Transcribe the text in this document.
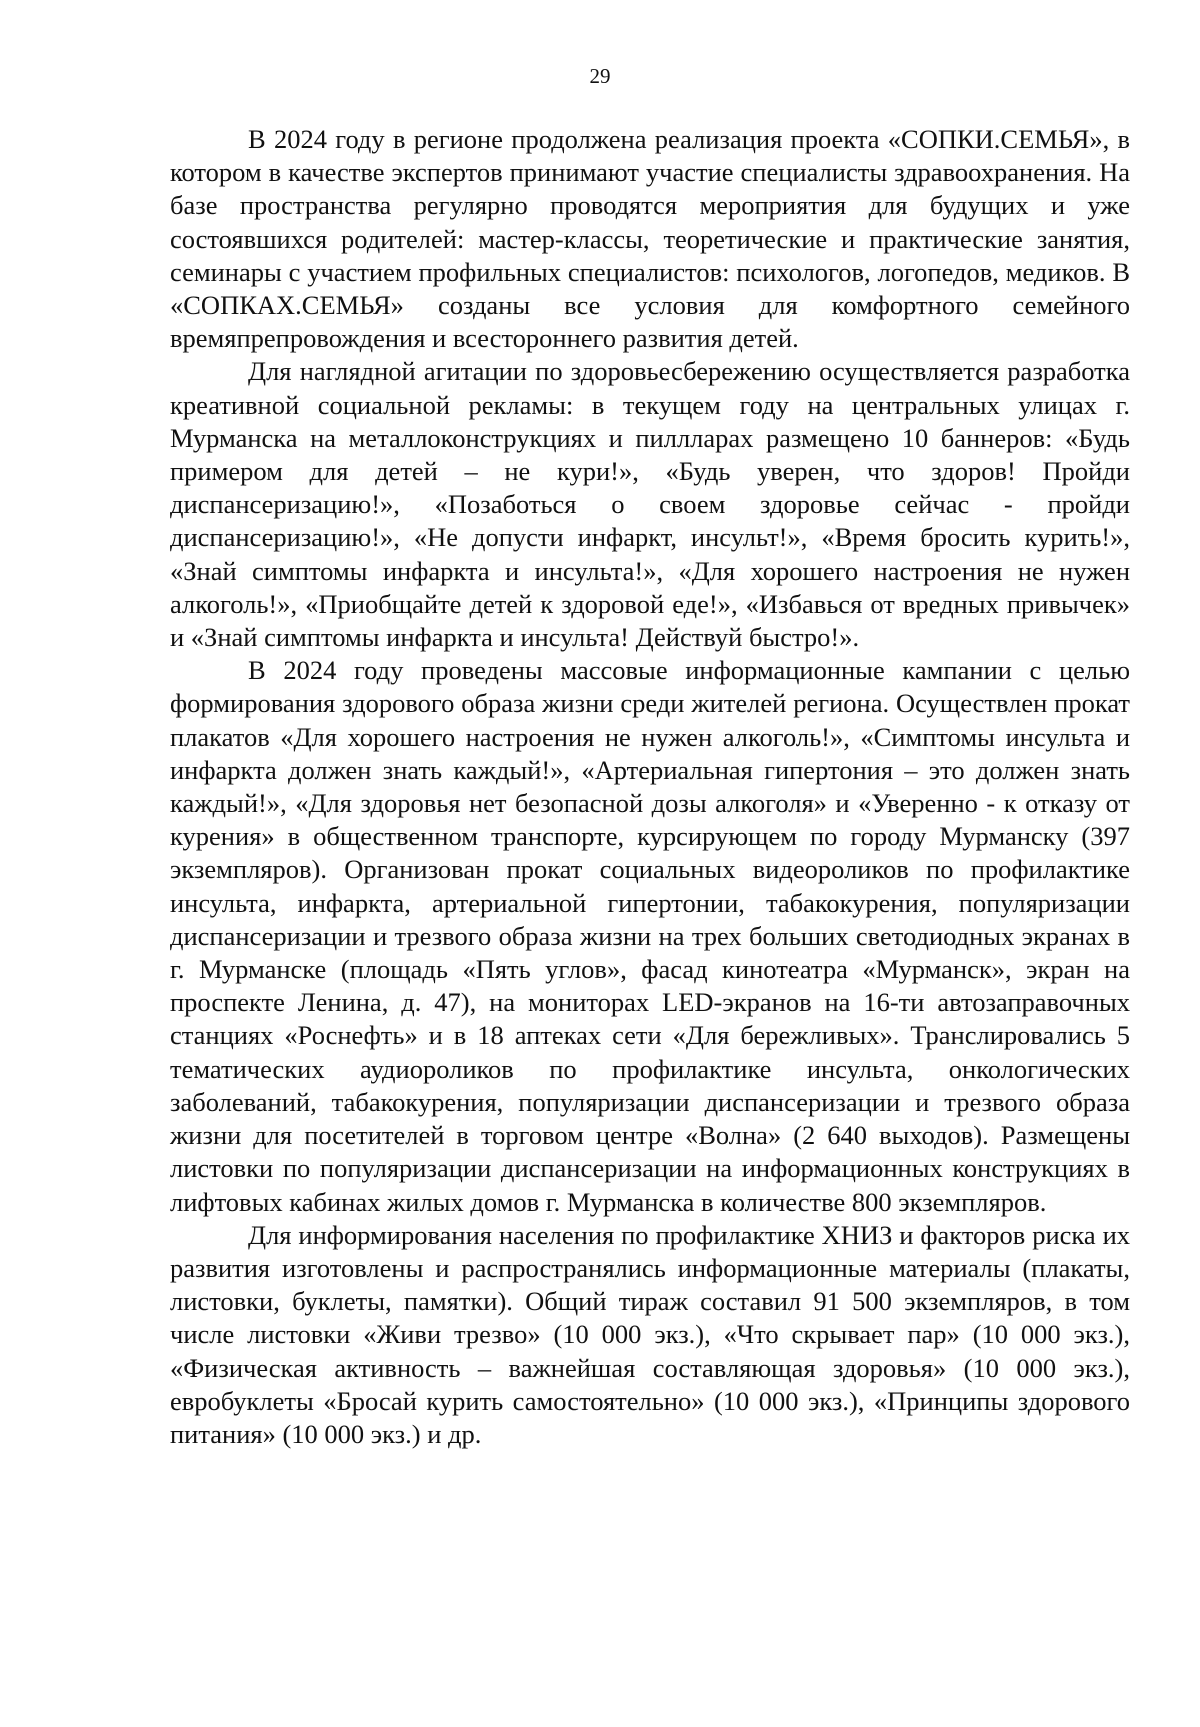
29

В 2024 году в регионе продолжена реализация проекта «СОПКИ.СЕМЬЯ», в котором в качестве экспертов принимают участие специалисты здравоохранения. На базе пространства регулярно проводятся мероприятия для будущих и уже состоявшихся родителей: мастер-классы, теоретические и практические занятия, семинары с участием профильных специалистов: психологов, логопедов, медиков. В «СОПКАХ.СЕМЬЯ» созданы все условия для комфортного семейного времяпрепровождения и всестороннего развития детей.

Для наглядной агитации по здоровьесбережению осуществляется разработка креативной социальной рекламы: в текущем году на центральных улицах г. Мурманска на металлоконструкциях и пиллларах размещено 10 баннеров: «Будь примером для детей – не кури!», «Будь уверен, что здоров! Пройди диспансеризацию!», «Позаботься о своем здоровье сейчас - пройди диспансеризацию!», «Не допусти инфаркт, инсульт!», «Время бросить курить!», «Знай симптомы инфаркта и инсульта!», «Для хорошего настроения не нужен алкоголь!», «Приобщайте детей к здоровой еде!», «Избавься от вредных привычек» и «Знай симптомы инфаркта и инсульта! Действуй быстро!».

В 2024 году проведены массовые информационные кампании с целью формирования здорового образа жизни среди жителей региона. Осуществлен прокат плакатов «Для хорошего настроения не нужен алкоголь!», «Симптомы инсульта и инфаркта должен знать каждый!», «Артериальная гипертония – это должен знать каждый!», «Для здоровья нет безопасной дозы алкоголя» и «Уверенно - к отказу от курения» в общественном транспорте, курсирующем по городу Мурманску (397 экземпляров). Организован прокат социальных видеороликов по профилактике инсульта, инфаркта, артериальной гипертонии, табакокурения, популяризации диспансеризации и трезвого образа жизни на трех больших светодиодных экранах в г. Мурманске (площадь «Пять углов», фасад кинотеатра «Мурманск», экран на проспекте Ленина, д. 47), на мониторах LED-экранов на 16-ти автозаправочных станциях «Роснефть» и в 18 аптеках сети «Для бережливых». Транслировались 5 тематических аудиороликов по профилактике инсульта, онкологических заболеваний, табакокурения, популяризации диспансеризации и трезвого образа жизни для посетителей в торговом центре «Волна» (2 640 выходов). Размещены листовки по популяризации диспансеризации на информационных конструкциях в лифтовых кабинах жилых домов г. Мурманска в количестве 800 экземпляров.

Для информирования населения по профилактике ХНИЗ и факторов риска их развития изготовлены и распространялись информационные материалы (плакаты, листовки, буклеты, памятки). Общий тираж составил 91 500 экземпляров, в том числе листовки «Живи трезво» (10 000 экз.), «Что скрывает пар» (10 000 экз.), «Физическая активность – важнейшая составляющая здоровья» (10 000 экз.), евробуклеты «Бросай курить самостоятельно» (10 000 экз.), «Принципы здорового питания» (10 000 экз.) и др.
